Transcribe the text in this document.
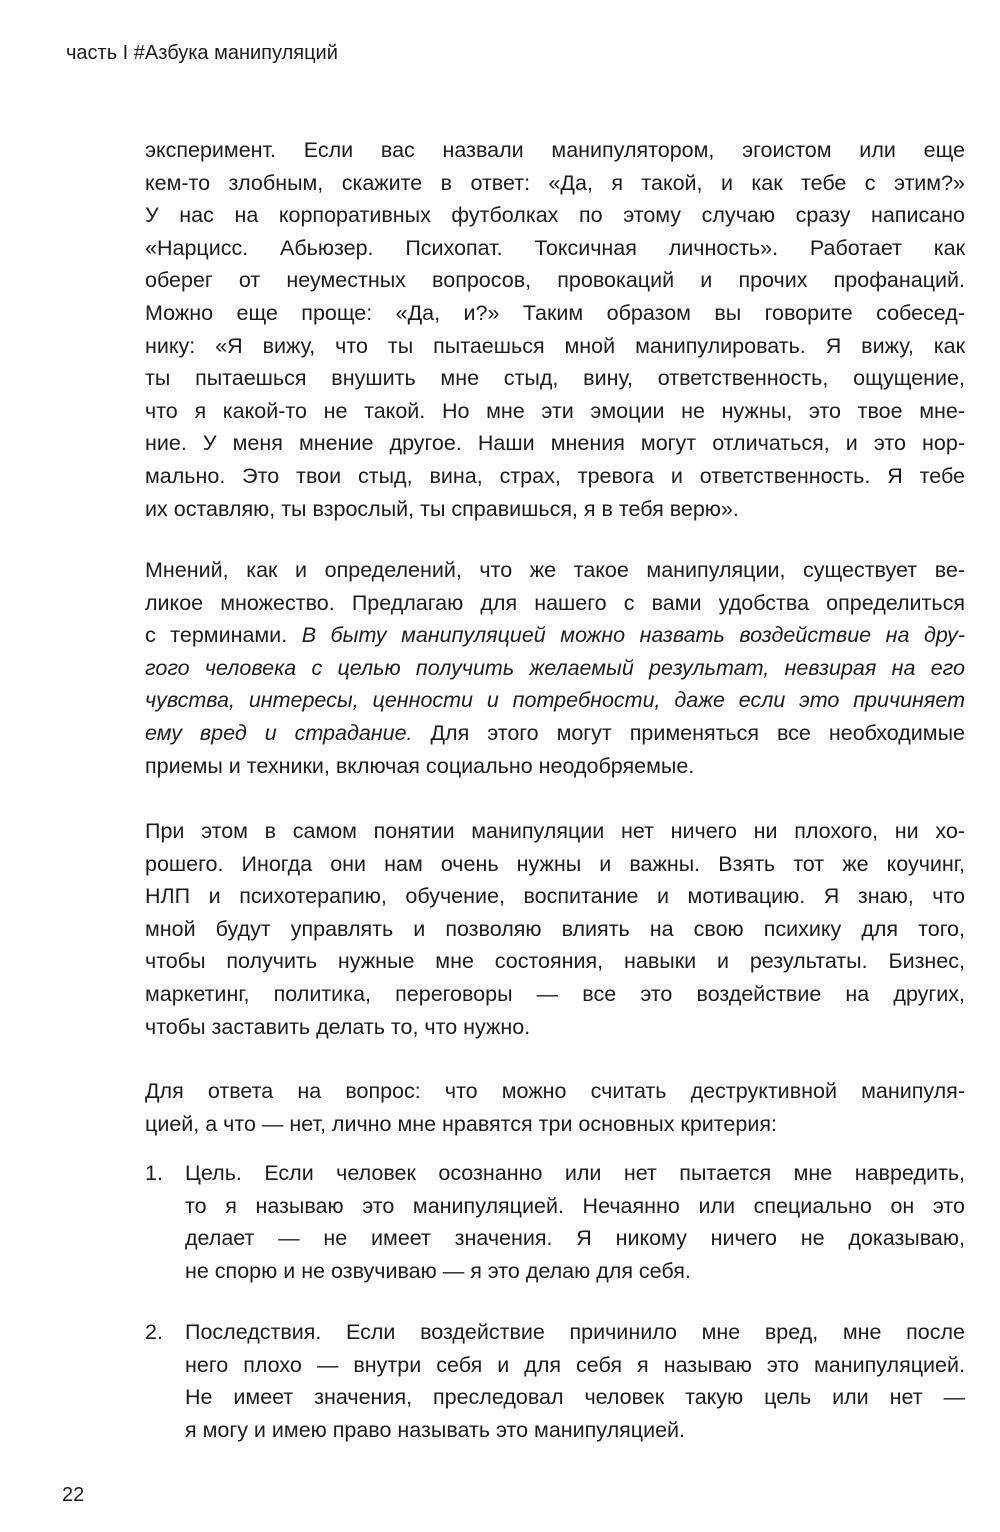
часть I #Азбука манипуляций
эксперимент. Если вас назвали манипулятором, эгоистом или еще
кем-то злобным, скажите в ответ: «Да, я такой, и как тебе с этим?»
У нас на корпоративных футболках по этому случаю сразу написано
«Нарцисс. Абьюзер. Психопат. Токсичная личность». Работает как
оберег от неуместных вопросов, провокаций и прочих профанаций.
Можно еще проще: «Да, и?» Таким образом вы говорите собесед-
нику: «Я вижу, что ты пытаешься мной манипулировать. Я вижу, как
ты пытаешься внушить мне стыд, вину, ответственность, ощущение,
что я какой-то не такой. Но мне эти эмоции не нужны, это твое мне-
ние. У меня мнение другое. Наши мнения могут отличаться, и это нор-
мально. Это твои стыд, вина, страх, тревога и ответственность. Я тебе
их оставляю, ты взрослый, ты справишься, я в тебя верю».
Мнений, как и определений, что же такое манипуляции, существует ве-
ликое множество. Предлагаю для нашего с вами удобства определиться
с терминами. В быту манипуляцией можно назвать воздействие на дру-
гого человека с целью получить желаемый результат, невзирая на его
чувства, интересы, ценности и потребности, даже если это причиняет
ему вред и страдание. Для этого могут применяться все необходимые
приемы и техники, включая социально неодобряемые.
При этом в самом понятии манипуляции нет ничего ни плохого, ни хо-
рошего. Иногда они нам очень нужны и важны. Взять тот же коучинг,
НЛП и психотерапию, обучение, воспитание и мотивацию. Я знаю, что
мной будут управлять и позволяю влиять на свою психику для того,
чтобы получить нужные мне состояния, навыки и результаты. Бизнес,
маркетинг, политика, переговоры — все это воздействие на других,
чтобы заставить делать то, что нужно.
Для ответа на вопрос: что можно считать деструктивной манипуля-
цией, а что — нет, лично мне нравятся три основных критерия:
1. Цель. Если человек осознанно или нет пытается мне навредить,
то я называю это манипуляцией. Нечаянно или специально он это
делает — не имеет значения. Я никому ничего не доказываю,
не спорю и не озвучиваю — я это делаю для себя.
2. Последствия. Если воздействие причинило мне вред, мне после
него плохо — внутри себя и для себя я называю это манипуляцией.
Не имеет значения, преследовал человек такую цель или нет —
я могу и имею право называть это манипуляцией.
22
